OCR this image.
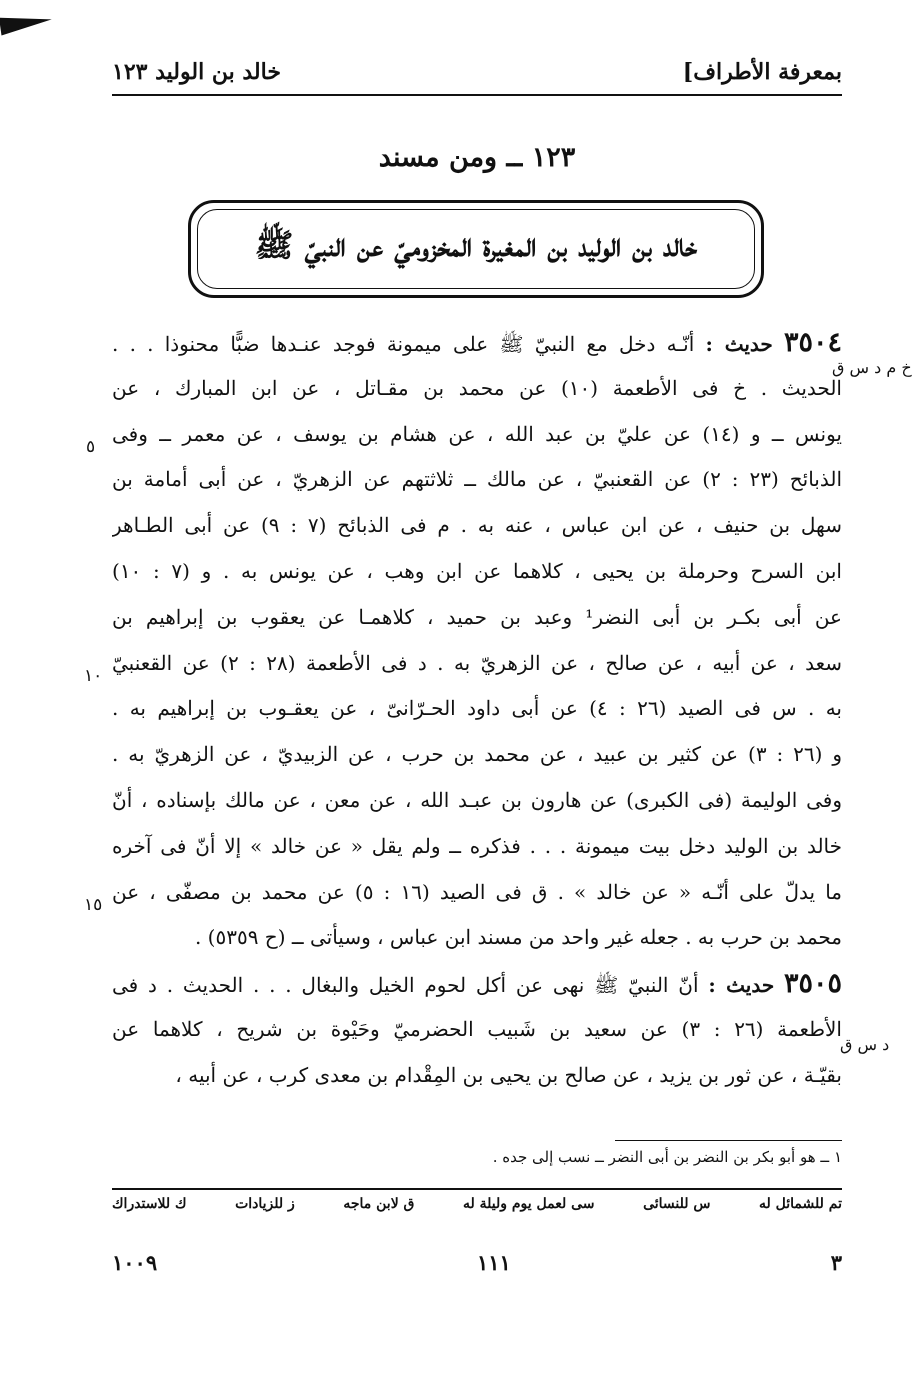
بمعرفة الأطراف]
خالد بن الوليد ١٢٣
١٢٣ ــ ومن مسند
خالد بن الوليد بن المغيرة المخزوميّ عن النبيّ ﷺ
٣٥٠٤ حديث : أنّـه دخل مع النبيّ ﷺ على ميمونة فوجد عنـدها ضبًّا محنوذا . . .
الحديث . خ فى الأطعمة (١٠) عن محمد بن مقـاتل ، عن ابن المبارك ، عن
يونس ــ و (١٤) عن عليّ بن عبد الله ، عن هشام بن يوسف ، عن معمر ــ وفى
الذبائح (٢٣ : ٢) عن القعنبيّ ، عن مالك ــ ثلاثتهم عن الزهريّ ، عن أبى أمامة بن
سهل بن حنيف ، عن ابن عباس ، عنه به . م فى الذبائح (٧ : ٩) عن أبى الطـاهر
ابن السرح وحرملة بن يحيى ، كلاهما عن ابن وهب ، عن يونس به . و (٧ : ١٠)
عن أبى بكـر بن أبى النضر¹ وعبد بن حميد ، كلاهمـا عن يعقوب بن إبراهيم بن
سعد ، عن أبيه ، عن صالح ، عن الزهريّ به . د فى الأطعمة (٢٨ : ٢) عن القعنبيّ
به . س فى الصيد (٢٦ : ٤) عن أبى داود الحـرّانىّ ، عن يعقـوب بن إبراهيم به .
و (٢٦ : ٣) عن كثير بن عبيد ، عن محمد بن حرب ، عن الزبيديّ ، عن الزهريّ به .
وفى الوليمة (فى الكبرى) عن هارون بن عبـد الله ، عن معن ، عن مالك بإسناده ، أنّ
خالد بن الوليد دخل بيت ميمونة . . . فذكره ــ ولم يقل « عن خالد » إلا أنّ فى آخره
ما يدلّ على أنّـه « عن خالد » . ق فى الصيد (١٦ : ٥) عن محمد بن مصفّى ، عن
محمد بن حرب به . جعله غير واحد من مسند ابن عباس ، وسيأتى ــ (ح ٥٣٥٩) .
٣٥٠٥ حديث : أنّ النبيّ ﷺ نهى عن أكل لحوم الخيل والبغال . . . الحديث . د فى
الأطعمة (٢٦ : ٣) عن سعيد بن شَبيب الحضرميّ وحَيْوة بن شريح ، كلاهما عن
بقيّـة ، عن ثور بن يزيد ، عن صالح بن يحيى بن المِقْدام بن معدى كرب ، عن أبيه ،
خ م د س ق
د س ق
٥
١٠
١٥
١ ــ هو أبو بكر بن النضر بن أبى النضر ــ نسب إلى جده .
تم للشمائل له
س للنسائى
سى لعمل يوم وليلة له
ق لابن ماجه
ز للزيادات
ك للاستدراك
٣
١١١
١٠٠٩
